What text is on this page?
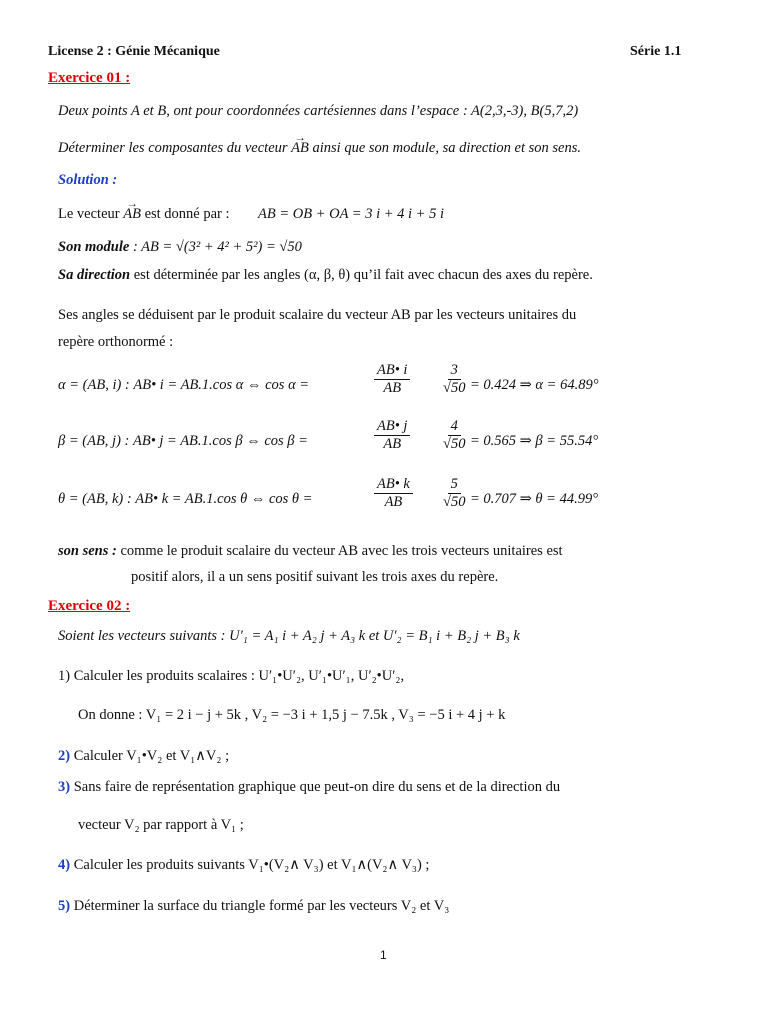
License 2 : Génie Mécanique	Série 1.1
Exercice 01 :
Deux points A et B, ont pour coordonnées cartésiennes dans l’espace : A(2,3,-3), B(5,7,2)
Déterminer les composantes du vecteur → AB ainsi que son module, sa direction et son sens.
Solution :
Le vecteur → AB est donné par : AB = OB + OA = 3 i + 4 i + 5 i
Son module : AB = √(3² + 4² + 5²) = √50
Sa direction est déterminée par les angles (α, β, θ) qu’il fait avec chacun des axes du repère.
Ses angles se déduisent par le produit scalaire du vecteur AB par les vecteurs unitaires du
repère orthonormé :
α = (AB, i) : AB• i = AB.1.cos α ⇔ cos α =	$\frac{AB• i}{AB} \frac{3}{√50} = 0.424$ ⇒ α = 64.89°
β = (AB, j) : AB• j = AB.1.cos β ⇔ cos β =	$\frac{AB• j}{AB} \frac{4}{√50} = 0.565$ ⇒ β = 55.54°
θ = (AB, k) : AB• k = AB.1.cos θ ⇔ cos θ =	$\frac{AB• k}{AB} \frac{5}{√50} = 0.707$ ⇒ θ = 44.99°
son sens : comme le produit scalaire du vecteur AB avec les trois vecteurs unitaires est
positif alors, il a un sens positif suivant les trois axes du repère.
Exercice 02 :
Soient les vecteurs suivants : U′₁ = A₁ i + A₂ j + A₃ k et U′₂ = B₁ i + B₂ j + B₃ k
1) Calculer les produits scalaires : U′₁•U′₂, U′₁•U′₁, U′₂•U′₂,
On donne : V₁ = 2 i − j + 5k , V₂ = −3 i + 1,5 j − 7.5k , V₃ = −5 i + 4 j + k
2) Calculer V₁•V₂ et V₁∧V₂ ;
3) Sans faire de représentation graphique que peut-on dire du sens et de la direction du
vecteur V₂ par rapport à V₁ ;
4) Calculer les produits suivants V₁•(V₂∧ V₃) et V₁∧(V₂∧ V₃) ;
5) Déterminer la surface du triangle formé par les vecteurs V₂ et V₃
1
